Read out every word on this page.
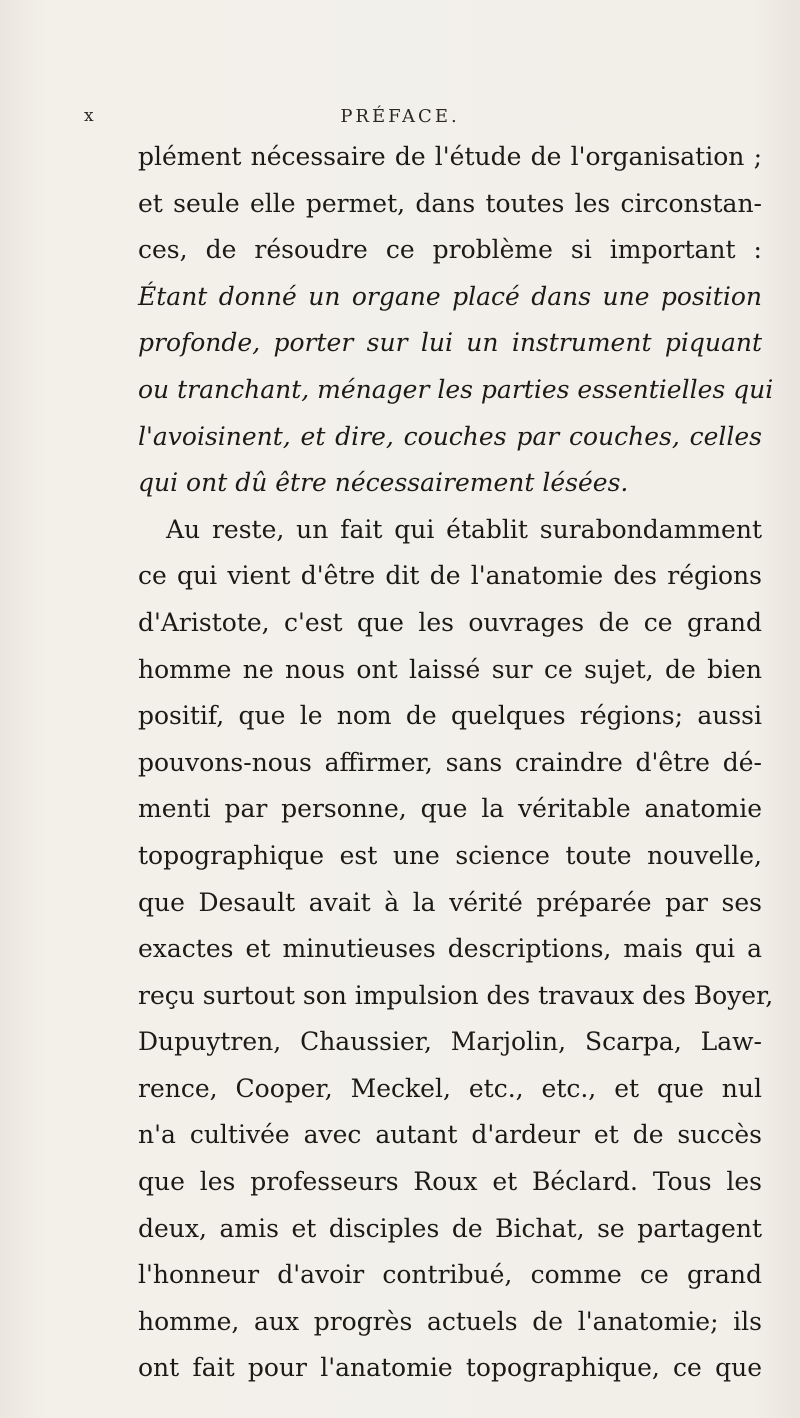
x	PRÉFACE.
plément nécessaire de l'étude de l'organisation ;
et seule elle permet, dans toutes les circonstan-
ces, de résoudre ce problème si important :
Étant donné un organe placé dans une position
profonde, porter sur lui un instrument piquant
ou tranchant, ménager les parties essentielles qui
l'avoisinent, et dire, couches par couches, celles
qui ont dû être nécessairement lésées.
Au reste, un fait qui établit surabondamment
ce qui vient d'être dit de l'anatomie des régions
d'Aristote, c'est que les ouvrages de ce grand
homme ne nous ont laissé sur ce sujet, de bien
positif, que le nom de quelques régions; aussi
pouvons-nous affirmer, sans craindre d'être dé-
menti par personne, que la véritable anatomie
topographique est une science toute nouvelle,
que Desault avait à la vérité préparée par ses
exactes et minutieuses descriptions, mais qui a
reçu surtout son impulsion des travaux des Boyer,
Dupuytren, Chaussier, Marjolin, Scarpa, Law-
rence, Cooper, Meckel, etc., etc., et que nul
n'a cultivée avec autant d'ardeur et de succès
que les professeurs Roux et Béclard. Tous les
deux, amis et disciples de Bichat, se partagent
l'honneur d'avoir contribué, comme ce grand
homme, aux progrès actuels de l'anatomie; ils
ont fait pour l'anatomie topographique, ce que
